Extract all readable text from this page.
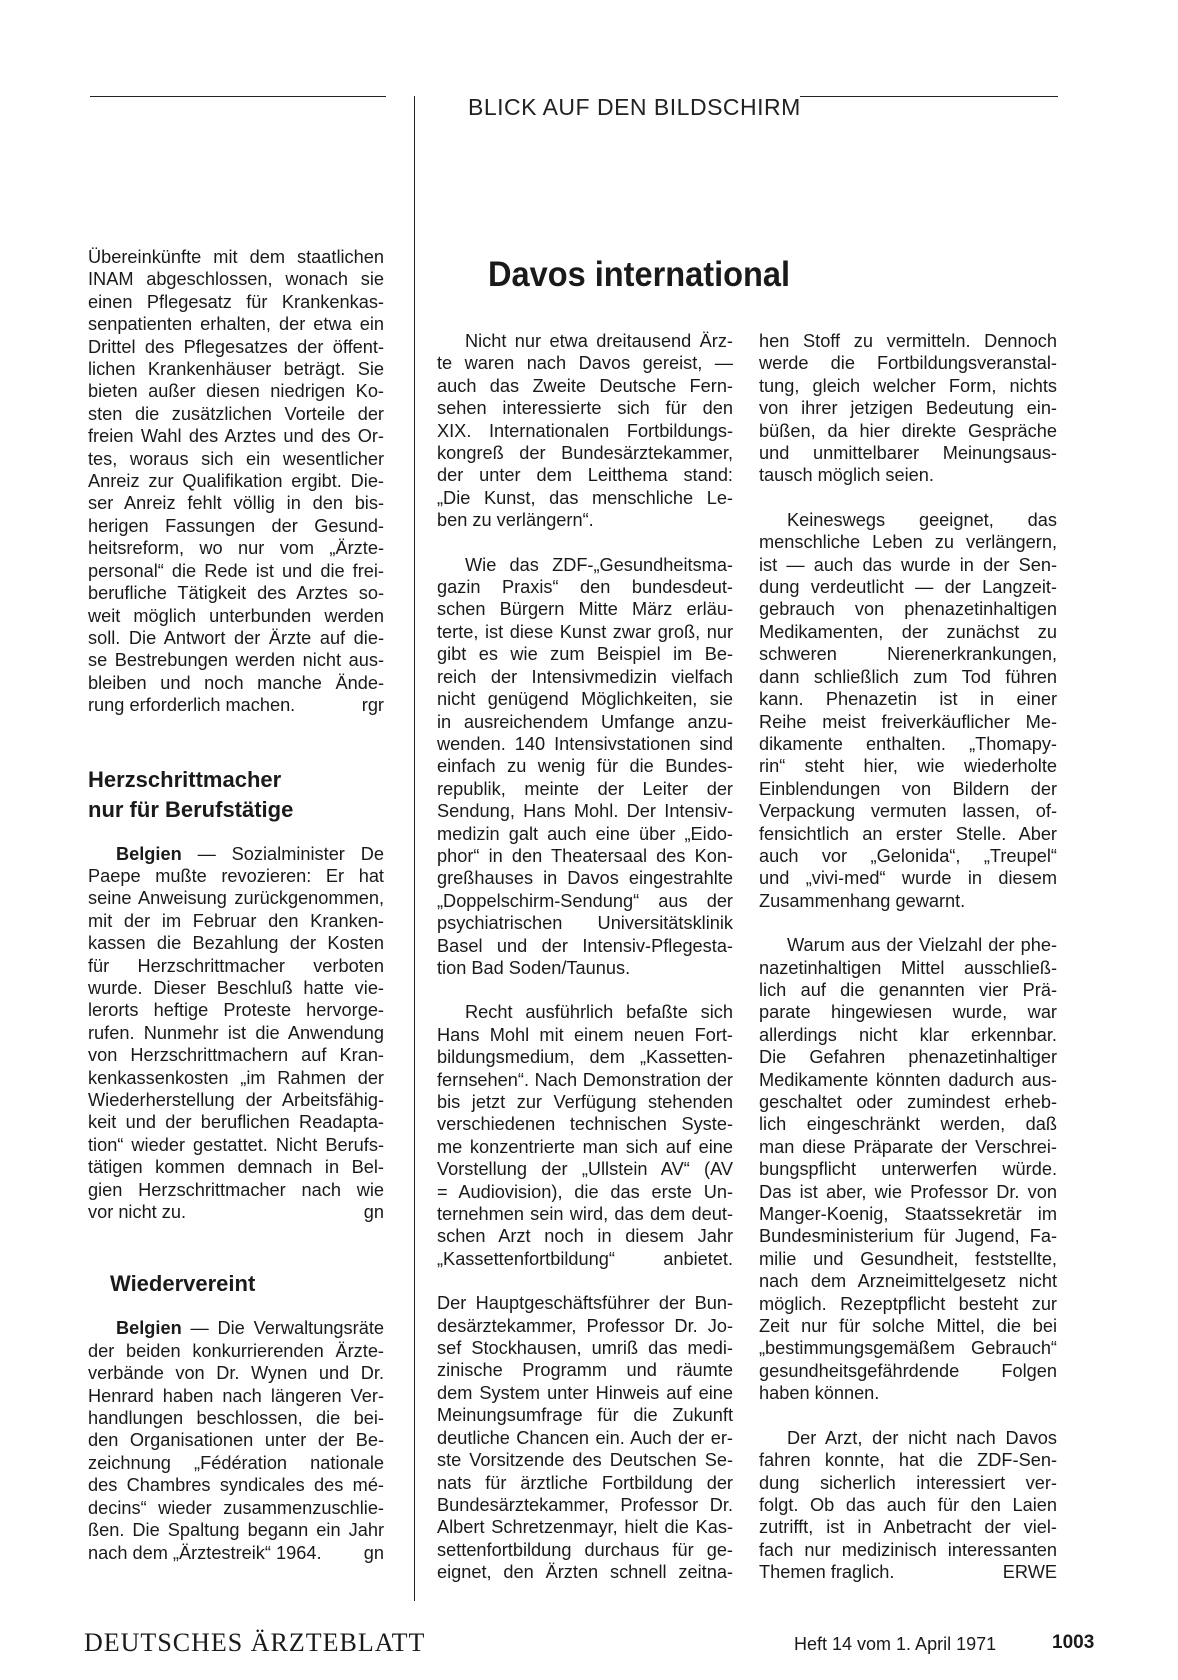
BLICK AUF DEN BILDSCHIRM
Übereinkünfte mit dem staatlichen
INAM abgeschlossen, wonach sie
einen Pflegesatz für Krankenkas-
senpatienten erhalten, der etwa ein
Drittel des Pflegesatzes der öffent-
lichen Krankenhäuser beträgt. Sie
bieten außer diesen niedrigen Ko-
sten die zusätzlichen Vorteile der
freien Wahl des Arztes und des Or-
tes, woraus sich ein wesentlicher
Anreiz zur Qualifikation ergibt. Die-
ser Anreiz fehlt völlig in den bis-
herigen Fassungen der Gesund-
heitsreform, wo nur vom „Ärzte-
personal“ die Rede ist und die frei-
berufliche Tätigkeit des Arztes so-
weit möglich unterbunden werden
soll. Die Antwort der Ärzte auf die-
se Bestrebungen werden nicht aus-
bleiben und noch manche Ände-
rung erforderlich machen.	rgr

Herzschrittmacher

nur für Berufstätige

Belgien — Sozialminister De
Paepe mußte revozieren: Er hat
seine Anweisung zurückgenommen,
mit der im Februar den Kranken-
kassen die Bezahlung der Kosten
für Herzschrittmacher verboten
wurde. Dieser Beschluß hatte vie-
lerorts heftige Proteste hervorge-
rufen. Nunmehr ist die Anwendung
von Herzschrittmachern auf Kran-
kenkassenkosten „im Rahmen der
Wiederherstellung der Arbeitsfähig-
keit und der beruflichen Readapta-
tion“ wieder gestattet. Nicht Berufs-
tätigen kommen demnach in Bel-
gien Herzschrittmacher nach wie
vor nicht zu.	gn

Wiedervereint

Belgien — Die Verwaltungsräte
der beiden konkurrierenden Ärzte-
verbände von Dr. Wynen und Dr.
Henrard haben nach längeren Ver-
handlungen beschlossen, die bei-
den Organisationen unter der Be-
zeichnung „Fédération nationale
des Chambres syndicales des mé-
decins“ wieder zusammenzuschlie-
ßen. Die Spaltung begann ein Jahr
nach dem „Ärztestreik“ 1964. gn
Davos international
Nicht nur etwa dreitausend Ärz-
te waren nach Davos gereist, —
auch das Zweite Deutsche Fern-
sehen interessierte sich für den
XIX. Internationalen Fortbildungs-
kongreß der Bundesärztekammer,
der unter dem Leitthema stand:
„Die Kunst, das menschliche Le-
ben zu verlängern“.
Wie das ZDF-„Gesundheitsma-
gazin Praxis“ den bundesdeut-
schen Bürgern Mitte März erläu-
terte, ist diese Kunst zwar groß, nur
gibt es wie zum Beispiel im Be-
reich der Intensivmedizin vielfach
nicht genügend Möglichkeiten, sie
in ausreichendem Umfange anzu-
wenden. 140 Intensivstationen sind
einfach zu wenig für die Bundes-
republik, meinte der Leiter der
Sendung, Hans Mohl. Der Intensiv-
medizin galt auch eine über „Eido-
phor“ in den Theatersaal des Kon-
greßhauses in Davos eingestrahlte
„Doppelschirm-Sendung“ aus der
psychiatrischen Universitätsklinik
Basel und der Intensiv-Pflegesta-
tion Bad Soden/Taunus.
Recht ausführlich befaßte sich
Hans Mohl mit einem neuen Fort-
bildungsmedium, dem „Kassetten-
fernsehen“. Nach Demonstration der
bis jetzt zur Verfügung stehenden
verschiedenen technischen Syste-
me konzentrierte man sich auf eine
Vorstellung der „Ullstein AV“ (AV
= Audiovision), die das erste Un-
ternehmen sein wird, das dem deut-
schen Arzt noch in diesem Jahr
„Kassettenfortbildung“ anbietet.
Der Hauptgeschäftsführer der Bun-
desärztekammer, Professor Dr. Jo-
sef Stockhausen, umriß das medi-
zinische Programm und räumte
dem System unter Hinweis auf eine
Meinungsumfrage für die Zukunft
deutliche Chancen ein. Auch der er-
ste Vorsitzende des Deutschen Se-
nats für ärztliche Fortbildung der
Bundesärztekammer, Professor Dr.
Albert Schretzenmayr, hielt die Kas-
settenfortbildung durchaus für ge-
eignet, den Ärzten schnell zeitna-
hen Stoff zu vermitteln. Dennoch
werde die Fortbildungsveranstal-
tung, gleich welcher Form, nichts
von ihrer jetzigen Bedeutung ein-
büßen, da hier direkte Gespräche
und unmittelbarer Meinungsaus-
tausch möglich seien.
Keineswegs geeignet, das
menschliche Leben zu verlängern,
ist — auch das wurde in der Sen-
dung verdeutlicht — der Langzeit-
gebrauch von phenazetinhaltigen
Medikamenten, der zunächst zu
schweren Nierenerkrankungen,
dann schließlich zum Tod führen
kann. Phenazetin ist in einer
Reihe meist freiverkäuflicher Me-
dikamente enthalten. „Thomapy-
rin“ steht hier, wie wiederholte
Einblendungen von Bildern der
Verpackung vermuten lassen, of-
fensichtlich an erster Stelle. Aber
auch vor „Gelonida“, „Treupel“
und „vivi-med“ wurde in diesem
Zusammenhang gewarnt.
Warum aus der Vielzahl der phe-
nazetinhaltigen Mittel ausschließ-
lich auf die genannten vier Prä-
parate hingewiesen wurde, war
allerdings nicht klar erkennbar.
Die Gefahren phenazetinhaltiger
Medikamente könnten dadurch aus-
geschaltet oder zumindest erheb-
lich eingeschränkt werden, daß
man diese Präparate der Verschrei-
bungspflicht unterwerfen würde.
Das ist aber, wie Professor Dr. von
Manger-Koenig, Staatssekretär im
Bundesministerium für Jugend, Fa-
milie und Gesundheit, feststellte,
nach dem Arzneimittelgesetz nicht
möglich. Rezeptpflicht besteht zur
Zeit nur für solche Mittel, die bei
„bestimmungsgemäßem Gebrauch“
gesundheitsgefährdende Folgen
haben können.
Der Arzt, der nicht nach Davos
fahren konnte, hat die ZDF-Sen-
dung sicherlich interessiert ver-
folgt. Ob das auch für den Laien
zutrifft, ist in Anbetracht der viel-
fach nur medizinisch interessanten
Themen fraglich.	ERWE
DEUTSCHES ÄRZTEBLATT	Heft 14 vom 1. April 1971	1003
